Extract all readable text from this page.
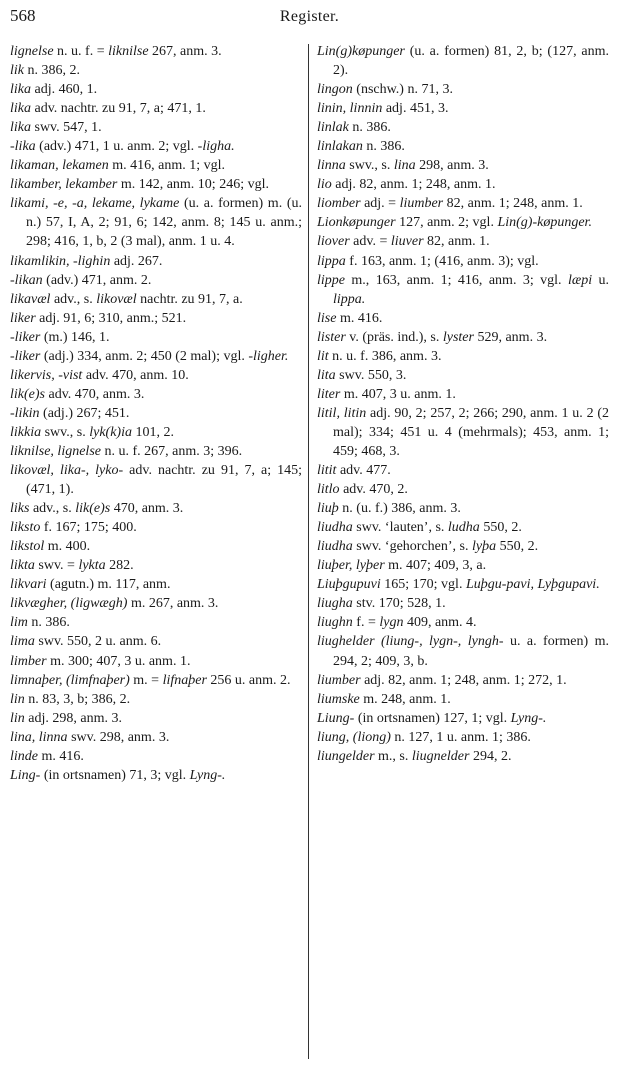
568	Register.

lignelse n. u. f. = liknilse 267, anm. 3.

lik n. 386, 2.

lika adj. 460, 1.

lika adv. nachtr. zu 91, 7, a; 471, 1.

lika swv. 547, 1.

-lika (adv.) 471, 1 u. anm. 2; vgl. -ligha.

likaman, lekamen m. 416, anm. 1; vgl.

likamber, lekamber m. 142, anm. 10; 246; vgl.

likami, -e, -a, lekame, lykame (u. a. formen) m. (u. n.) 57, I, A, 2; 91, 6; 142, anm. 8; 145 u. anm.; 298; 416, 1, b, 2 (3 mal), anm. 1 u. 4.

likamlikin, -lighin adj. 267.

-likan (adv.) 471, anm. 2.

likavæl adv., s. likovæl nachtr. zu 91, 7, a.

liker adj. 91, 6; 310, anm.; 521.

-liker (m.) 146, 1.

-liker (adj.) 334, anm. 2; 450 (2 mal); vgl. -ligher.

likervis, -vist adv. 470, anm. 10.

lik(e)s adv. 470, anm. 3.

-likin (adj.) 267; 451.

likkia swv., s. lyk(k)ia 101, 2.

liknilse, lignelse n. u. f. 267, anm. 3; 396.

likovæl, lika-, lyko- adv. nachtr. zu 91, 7, a; 145; (471, 1).

liks adv., s. lik(e)s 470, anm. 3.

liksto f. 167; 175; 400.

likstol m. 400.

likta swv. = lykta 282.

likvari (agutn.) m. 117, anm.

likvægher, (ligwægh) m. 267, anm. 3.

lim n. 386.

lima swv. 550, 2 u. anm. 6.

limber m. 300; 407, 3 u. anm. 1.

limnaþer, (limfnaþer) m. = lifnaþer 256 u. anm. 2.

lin n. 83, 3, b; 386, 2.

lin adj. 298, anm. 3.

lina, linna swv. 298, anm. 3.

linde m. 416.

Ling- (in ortsnamen) 71, 3; vgl. Lyng-.

Lin(g)køpunger (u. a. formen) 81, 2, b; (127, anm. 2).

lingon (nschw.) n. 71, 3.

linin, linnin adj. 451, 3.

linlak n. 386.

linlakan n. 386.

linna swv., s. lina 298, anm. 3.

lio adj. 82, anm. 1; 248, anm. 1.

liomber adj. = liumber 82, anm. 1; 248, anm. 1.

Lionkøpunger 127, anm. 2; vgl. Lin(g)-køpunger.

liover adv. = liuver 82, anm. 1.

lippa f. 163, anm. 1; (416, anm. 3); vgl.

lippe m., 163, anm. 1; 416, anm. 3; vgl. læpi u. lippa.

lise m. 416.

lister v. (präs. ind.), s. lyster 529, anm. 3.

lit n. u. f. 386, anm. 3.

lita swv. 550, 3.

liter m. 407, 3 u. anm. 1.

litil, litin adj. 90, 2; 257, 2; 266; 290, anm. 1 u. 2 (2 mal); 334; 451 u. 4 (mehrmals); 453, anm. 1; 459; 468, 3.

litit adv. 477.

litlo adv. 470, 2.

liuþ n. (u. f.) 386, anm. 3.

liudha swv. ‘lauten’, s. ludha 550, 2.

liudha swv. ‘gehorchen’, s. lyþa 550, 2.

liuþer, lyþer m. 407; 409, 3, a.

Liuþgupuvi 165; 170; vgl. Luþgu-pavi, Lyþgupavi.

liugha stv. 170; 528, 1.

liughn f. = lygn 409, anm. 4.

liughelder (liung-, lygn-, lyngh- u. a. formen) m. 294, 2; 409, 3, b.

liumber adj. 82, anm. 1; 248, anm. 1; 272, 1.

liumske m. 248, anm. 1.

Liung- (in ortsnamen) 127, 1; vgl. Lyng-.

liung, (liong) n. 127, 1 u. anm. 1; 386.

liungelder m., s. liugnelder 294, 2.
